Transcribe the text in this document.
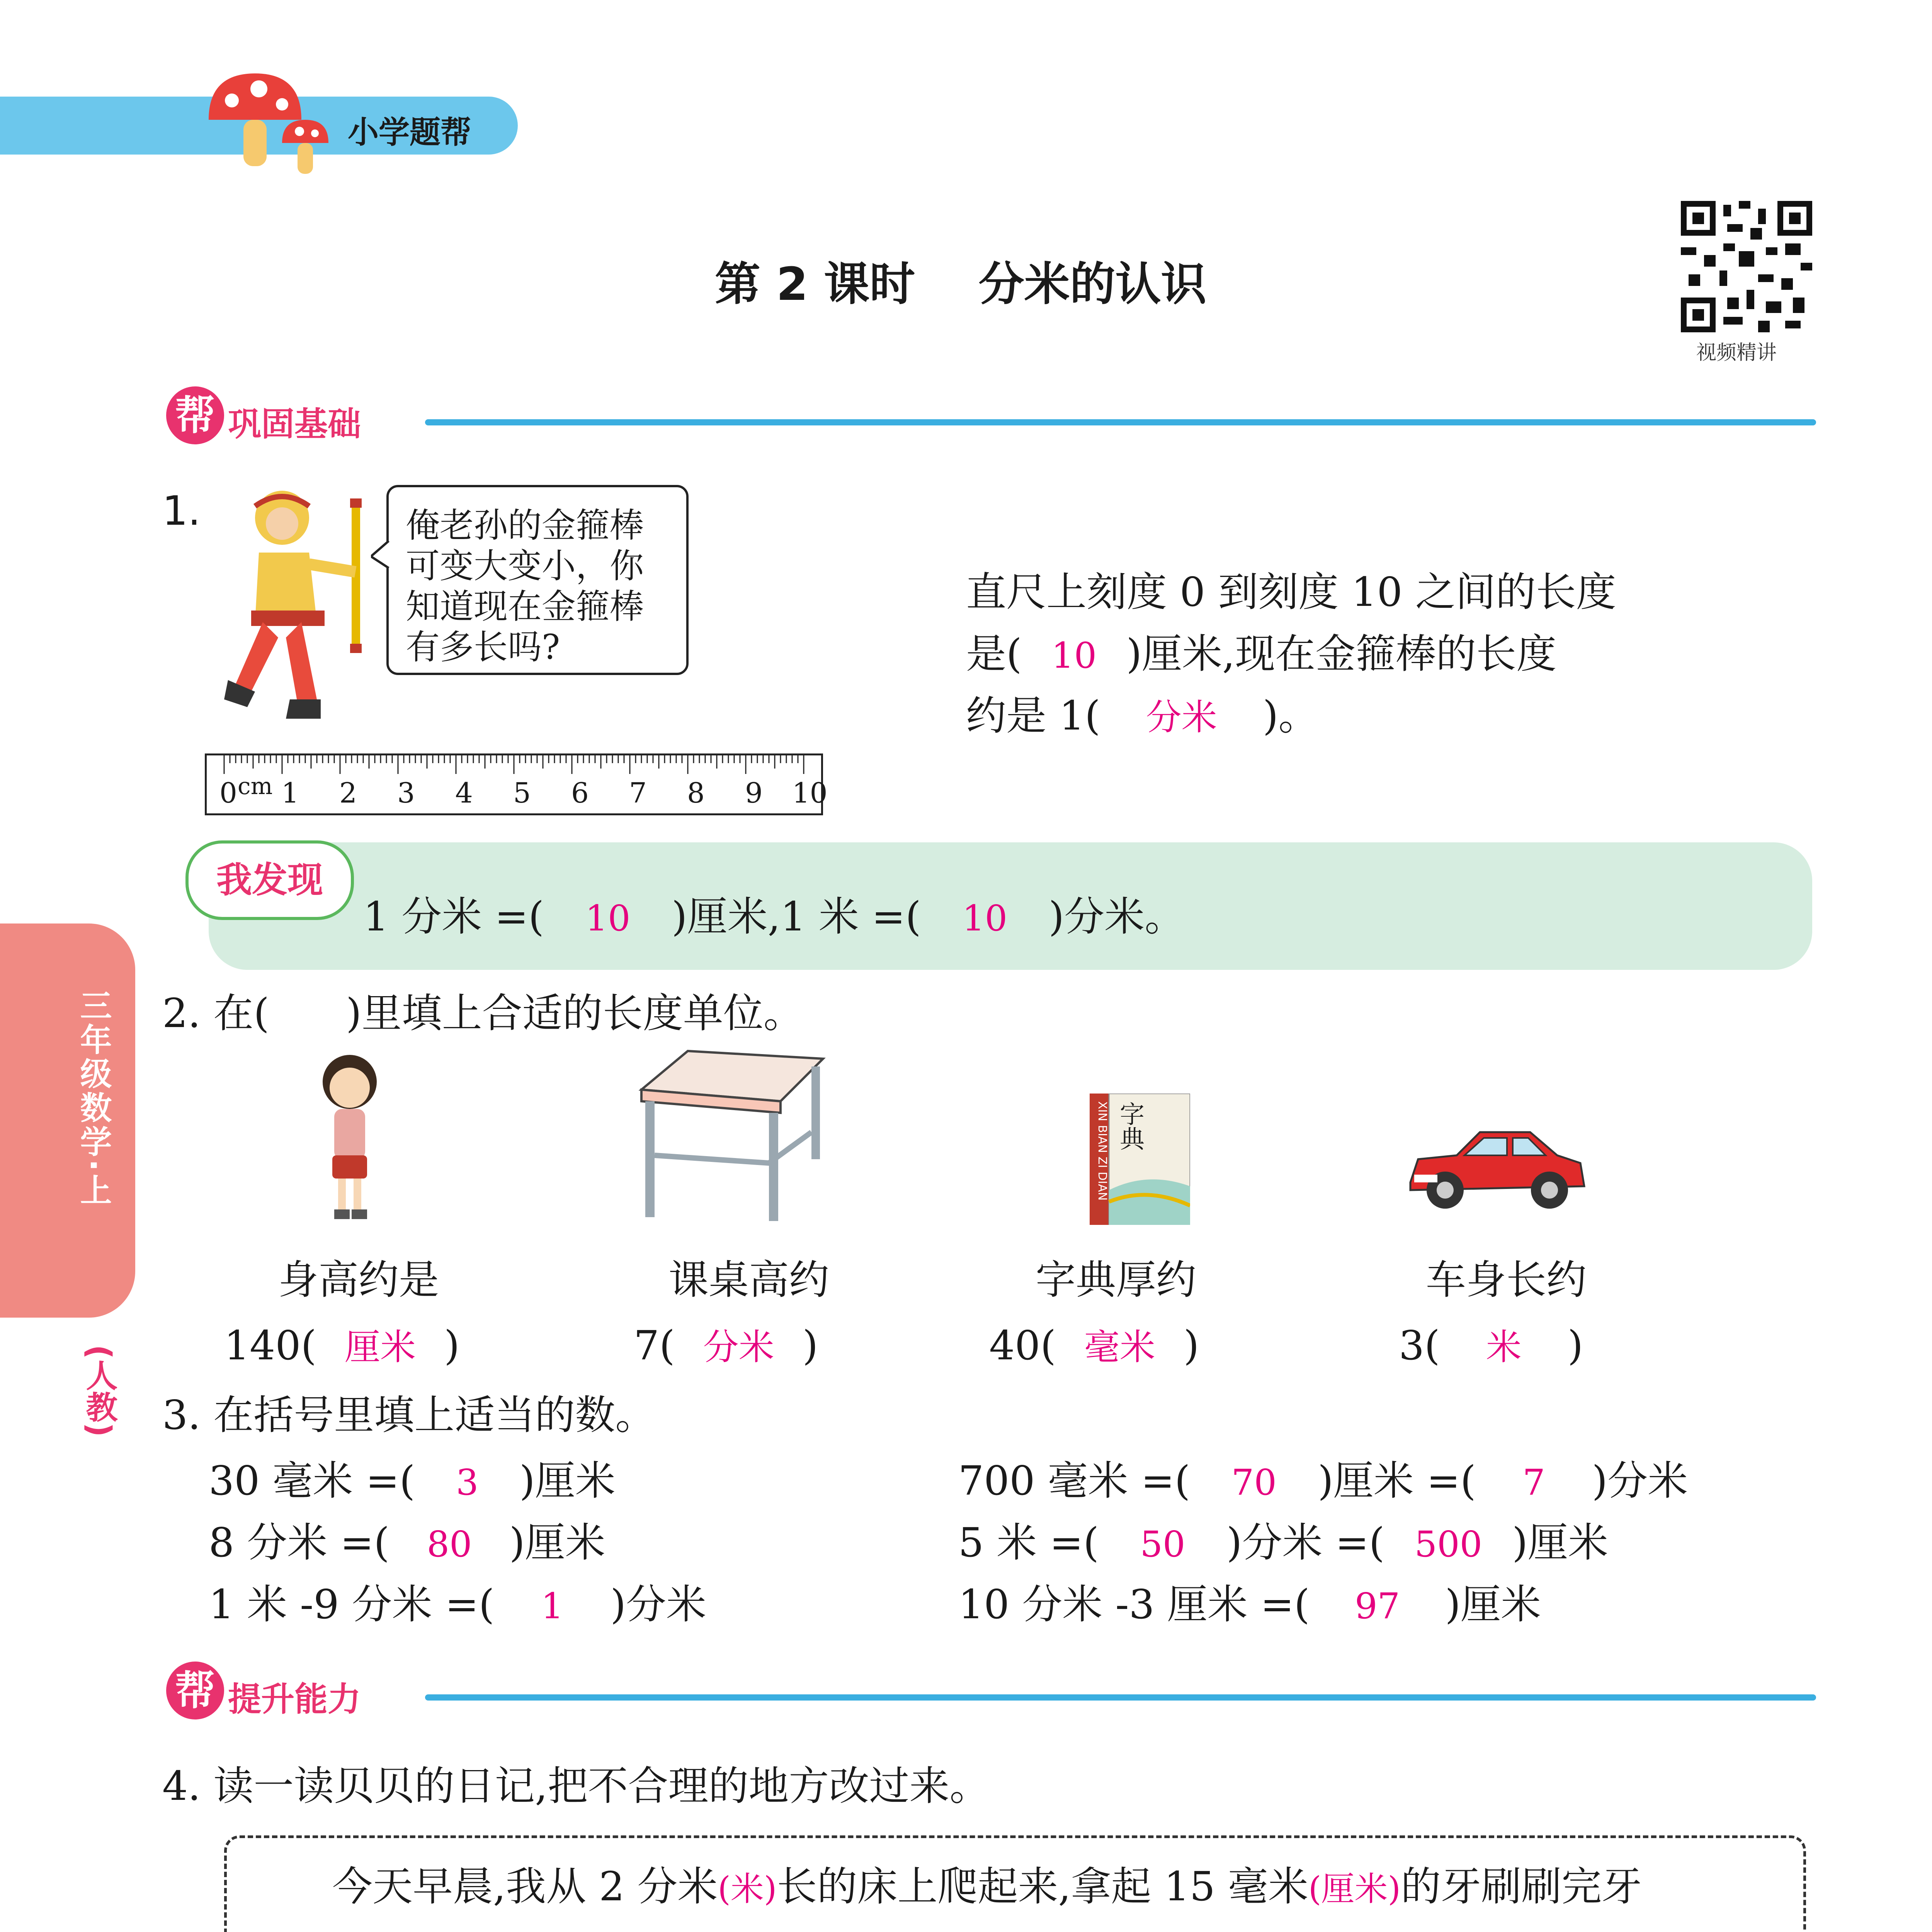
小学题帮
第 2 课时    分米的认识
视频精讲
三年级数学·上
(人教)
帮 巩固基础
1.	俺老孙的金箍棒
可变大变小，你
知道现在金箍棒
有多长吗?
0 cm 1 2 3 4 5 6 7 8 9 10
直尺上刻度 0 到刻度 10 之间的长度
是( 10 )厘米,现在金箍棒的长度
约是 1( 分米 )。
我发现
1 分米 =( 10 )厘米,1 米 =( 10 )分米。
2. 在(      )里填上合适的长度单位。
字典
XIN BIAN ZI DIAN
身高约是	课桌高约	字典厚约	车身长约
140( 厘米 )	7( 分米 )	40( 毫米 )	3( 米 )
3. 在括号里填上适当的数。
30 毫米 =( 3 )厘米
8 分米 =( 80 )厘米
1 米 -9 分米 =( 1 )分米
700 毫米 =( 70 )厘米 =( 7 )分米
5 米 =( 50 )分米 =( 500 )厘米
10 分米 -3 厘米 =( 97 )厘米
帮 提升能力
4. 读一读贝贝的日记,把不合理的地方改过来。
今天早晨,我从 2 分米(米)长的床上爬起来,拿起 15 毫米(厘米)的牙刷刷完牙
